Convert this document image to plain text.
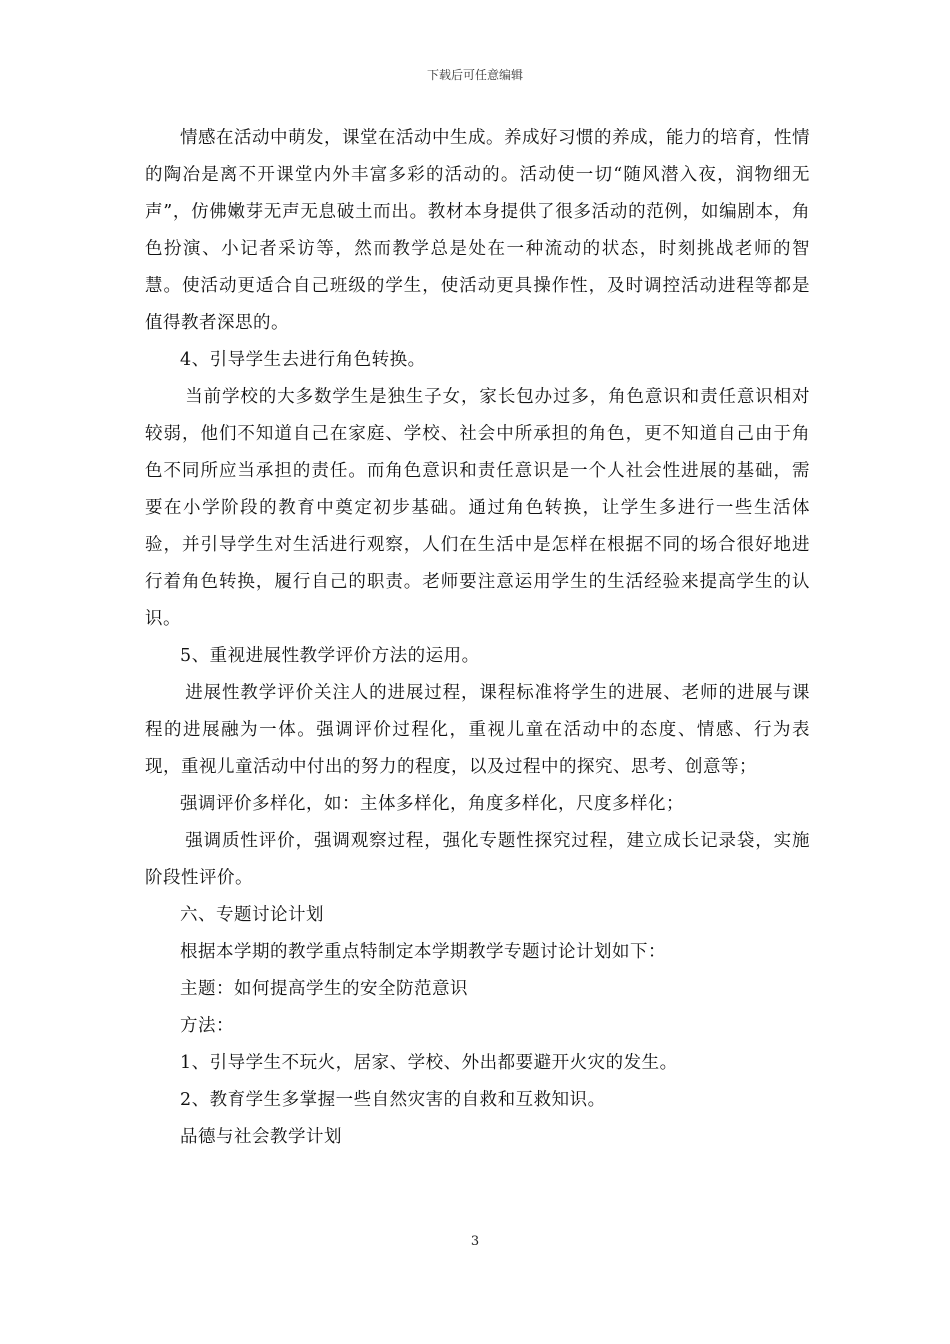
下载后可任意编辑

情感在活动中萌发，课堂在活动中生成。养成好习惯的养成，能力的培育，性情的陶冶是离不开课堂内外丰富多彩的活动的。活动使一切“随风潜入夜，润物细无声”，仿佛嫩芽无声无息破土而出。教材本身提供了很多活动的范例，如编剧本，角色扮演、小记者采访等，然而教学总是处在一种流动的状态，时刻挑战老师的智慧。使活动更适合自己班级的学生，使活动更具操作性，及时调控活动进程等都是值得教者深思的。

4、引导学生去进行角色转换。

当前学校的大多数学生是独生子女，家长包办过多，角色意识和责任意识相对较弱，他们不知道自己在家庭、学校、社会中所承担的角色，更不知道自己由于角色不同所应当承担的责任。而角色意识和责任意识是一个人社会性进展的基础，需要在小学阶段的教育中奠定初步基础。通过角色转换，让学生多进行一些生活体验，并引导学生对生活进行观察，人们在生活中是怎样在根据不同的场合很好地进行着角色转换，履行自己的职责。老师要注意运用学生的生活经验来提高学生的认识。

5、重视进展性教学评价方法的运用。

进展性教学评价关注人的进展过程，课程标准将学生的进展、老师的进展与课程的进展融为一体。强调评价过程化，重视儿童在活动中的态度、情感、行为表现，重视儿童活动中付出的努力的程度，以及过程中的探究、思考、创意等；

强调评价多样化，如：主体多样化，角度多样化，尺度多样化；

强调质性评价，强调观察过程，强化专题性探究过程，建立成长记录袋，实施阶段性评价。

六、专题讨论计划

根据本学期的教学重点特制定本学期教学专题讨论计划如下：

主题：如何提高学生的安全防范意识

方法：

1、引导学生不玩火，居家、学校、外出都要避开火灾的发生。

2、教育学生多掌握一些自然灾害的自救和互救知识。

品德与社会教学计划

3
